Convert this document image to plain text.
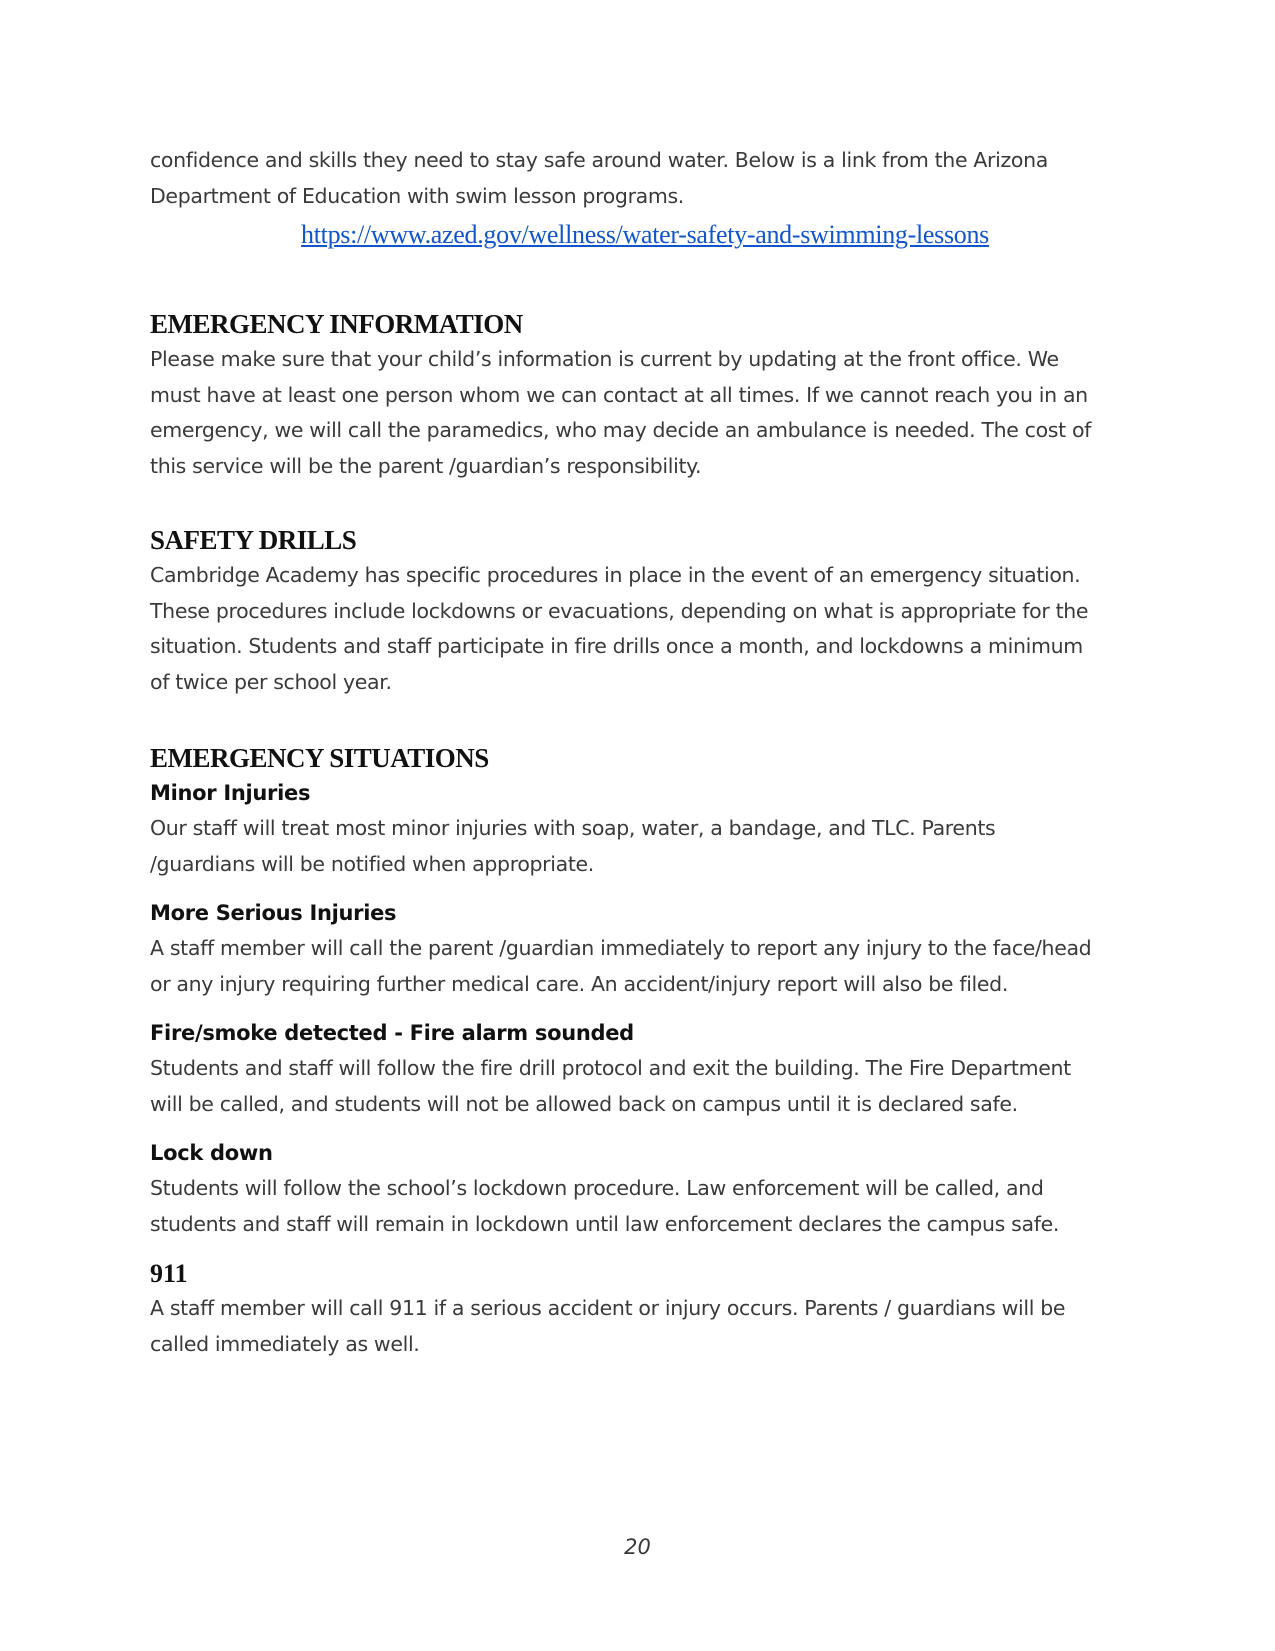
confidence and skills they need to stay safe around water. Below is a link from the Arizona
Department of Education with swim lesson programs.

https://www.azed.gov/wellness/water-safety-and-swimming-lessons

EMERGENCY INFORMATION

Please make sure that your child’s information is current by updating at the front office. We
must have at least one person whom we can contact at all times. If we cannot reach you in an
emergency, we will call the paramedics, who may decide an ambulance is needed. The cost of
this service will be the parent /guardian’s responsibility.

SAFETY DRILLS

Cambridge Academy has specific procedures in place in the event of an emergency situation.
These procedures include lockdowns or evacuations, depending on what is appropriate for the
situation. Students and staff participate in fire drills once a month, and lockdowns a minimum
of twice per school year.

EMERGENCY SITUATIONS
Minor Injuries

Our staff will treat most minor injuries with soap, water, a bandage, and TLC. Parents
/guardians will be notified when appropriate.

More Serious Injuries

A staff member will call the parent /guardian immediately to report any injury to the face/head
or any injury requiring further medical care. An accident/injury report will also be filed.

Fire/smoke detected - Fire alarm sounded

Students and staff will follow the fire drill protocol and exit the building. The Fire Department
will be called, and students will not be allowed back on campus until it is declared safe.

Lock down

Students will follow the school’s lockdown procedure. Law enforcement will be called, and
students and staff will remain in lockdown until law enforcement declares the campus safe.

911

A staff member will call 911 if a serious accident or injury occurs. Parents / guardians will be
called immediately as well.

20
